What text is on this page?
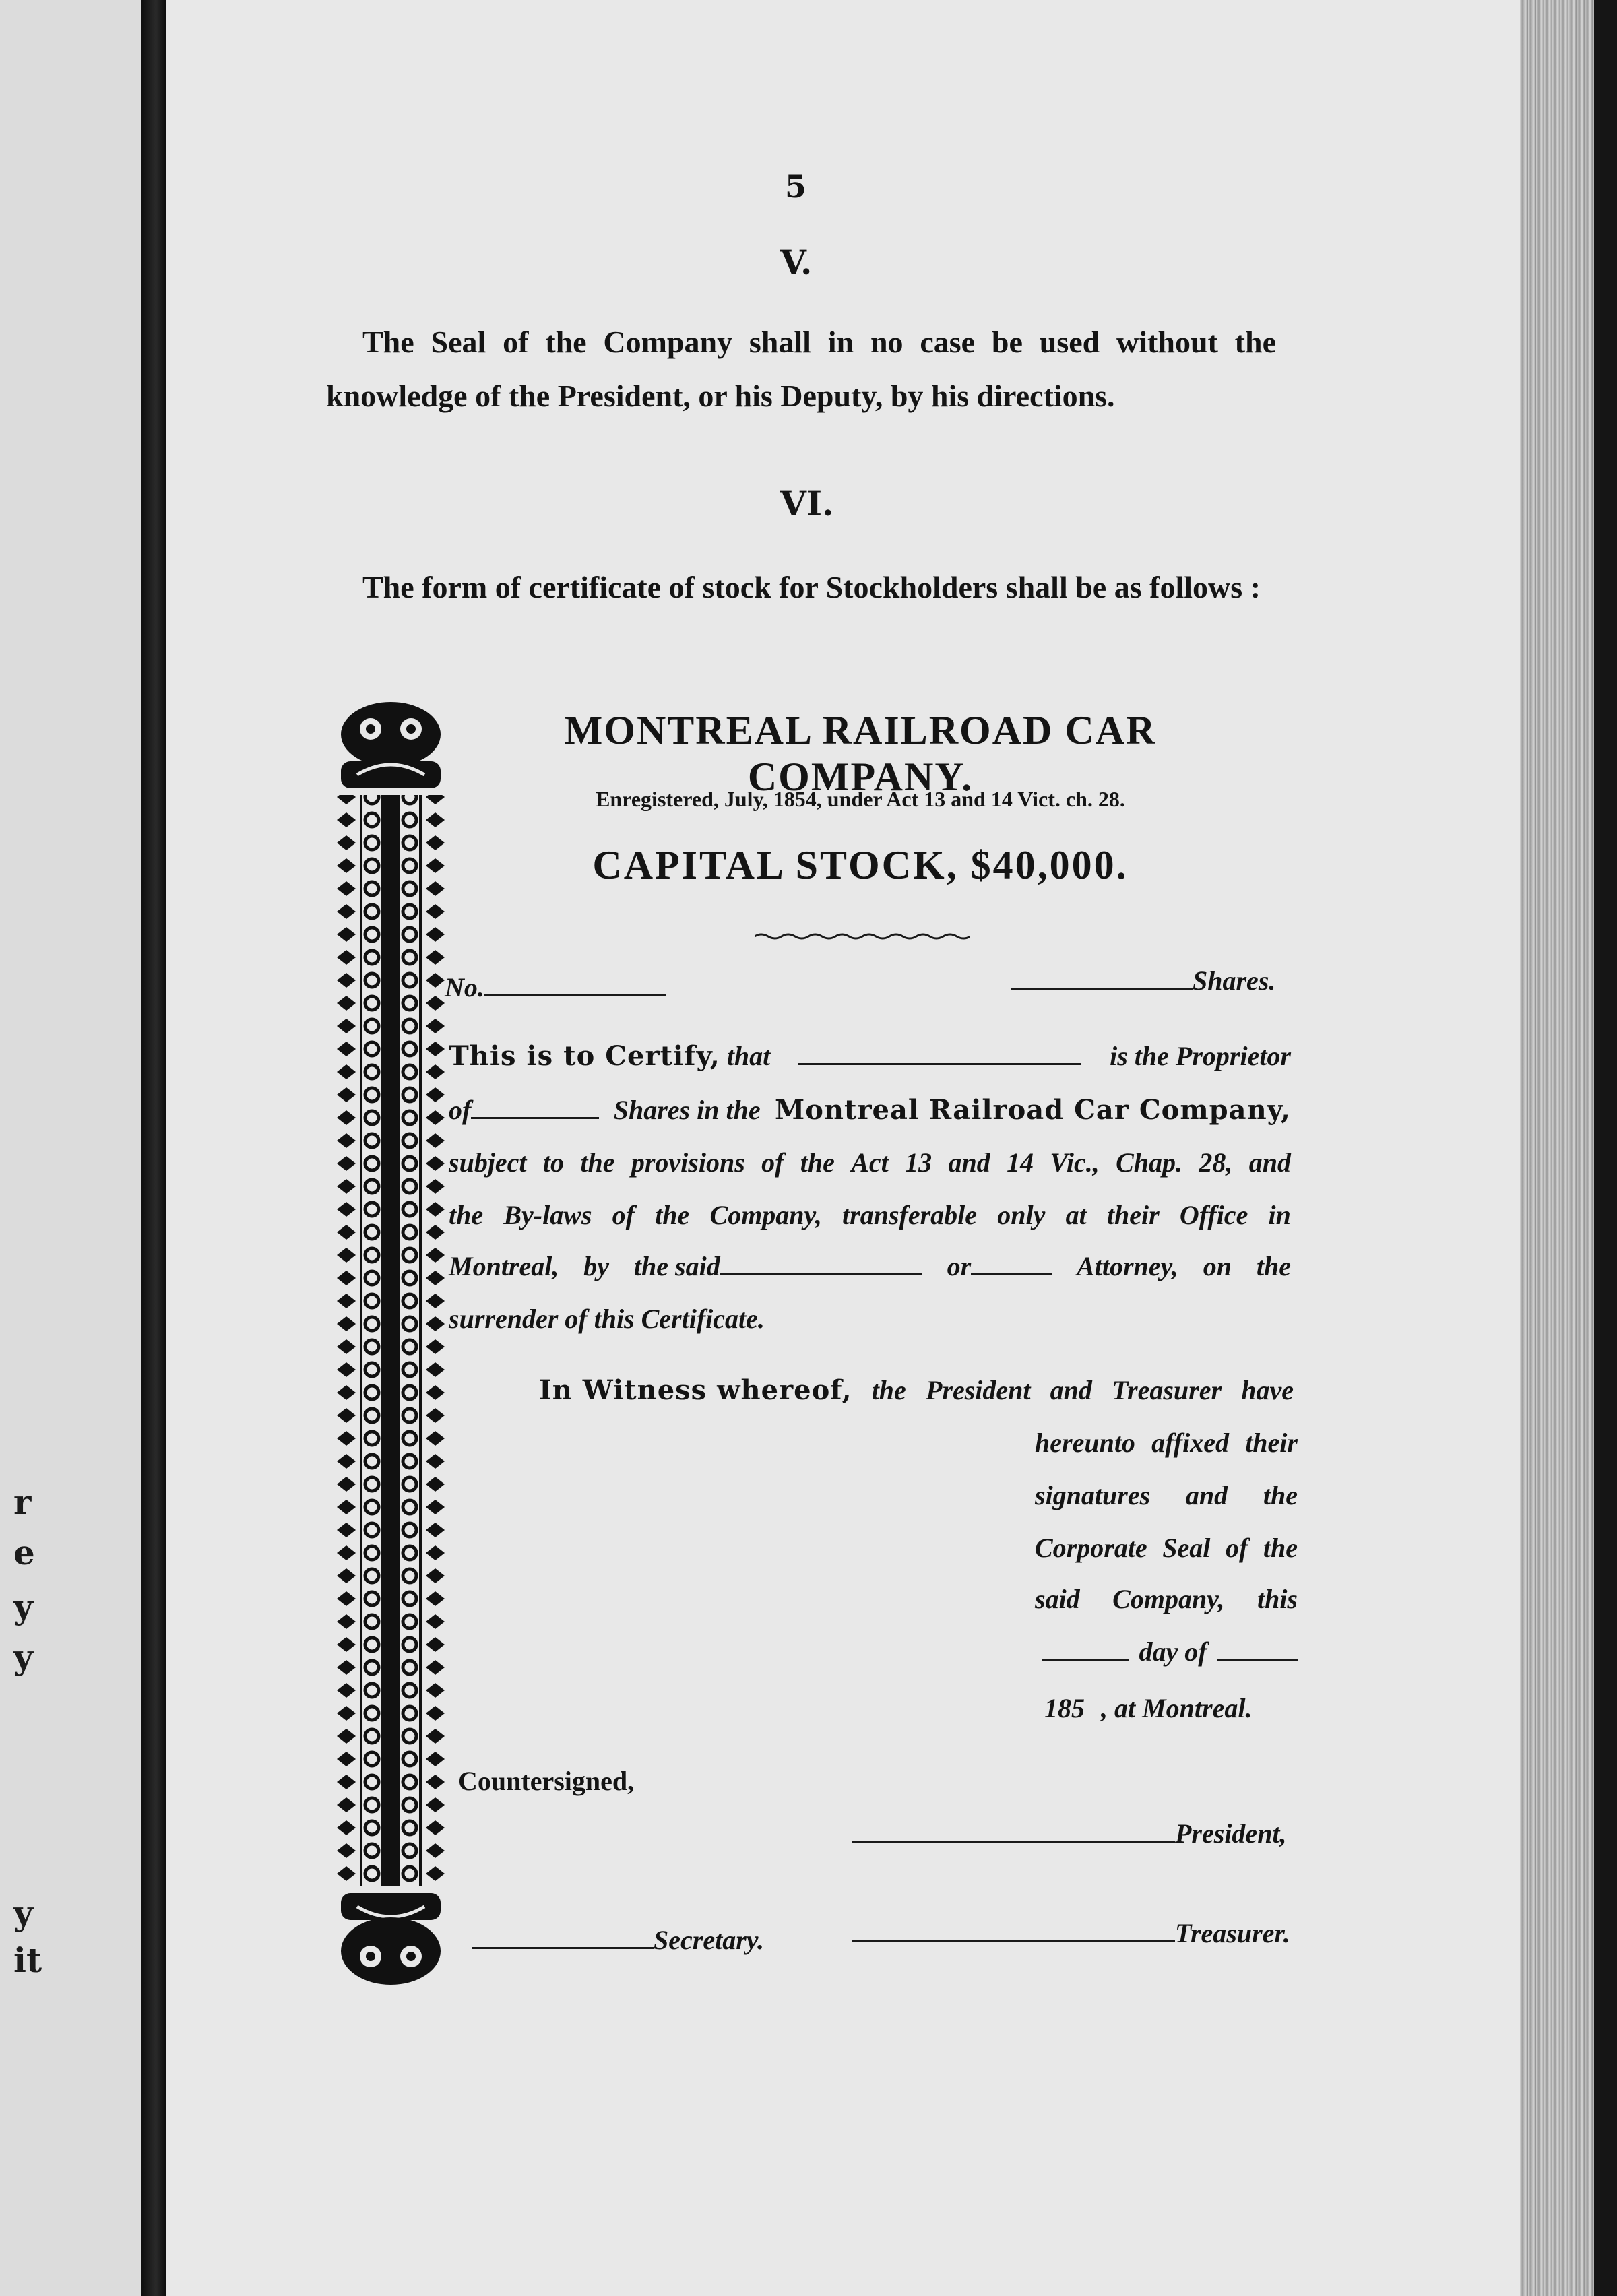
r
e
y
y
y
it
5
V.

The Seal of the Company shall in no case be used without the knowledge of the President, or his Deputy, by his directions.

VI.

The form of certificate of stock for Stockholders shall be as follows :

MONTREAL RAILROAD CAR COMPANY.
Enregistered, July, 1854, under Act 13 and 14 Vict. ch. 28.
CAPITAL STOCK, $40,000.
No.	Shares.
This is to Certify, that	is the Proprietor
of	Shares in the Montreal Railroad Car Company,
subject to the provisions of the Act 13 and 14 Vic., Chap. 28, and
the By-laws of the Company, transferable only at their Office in
Montreal, by the said	or	Attorney, on the
surrender of this Certificate.
In Witness whereof, the President and Treasurer have
hereunto affixed their
signatures and the
Corporate Seal of the
said Company, this
day of
185 , at Montreal.
Countersigned,
President,
Secretary.	Treasurer.
